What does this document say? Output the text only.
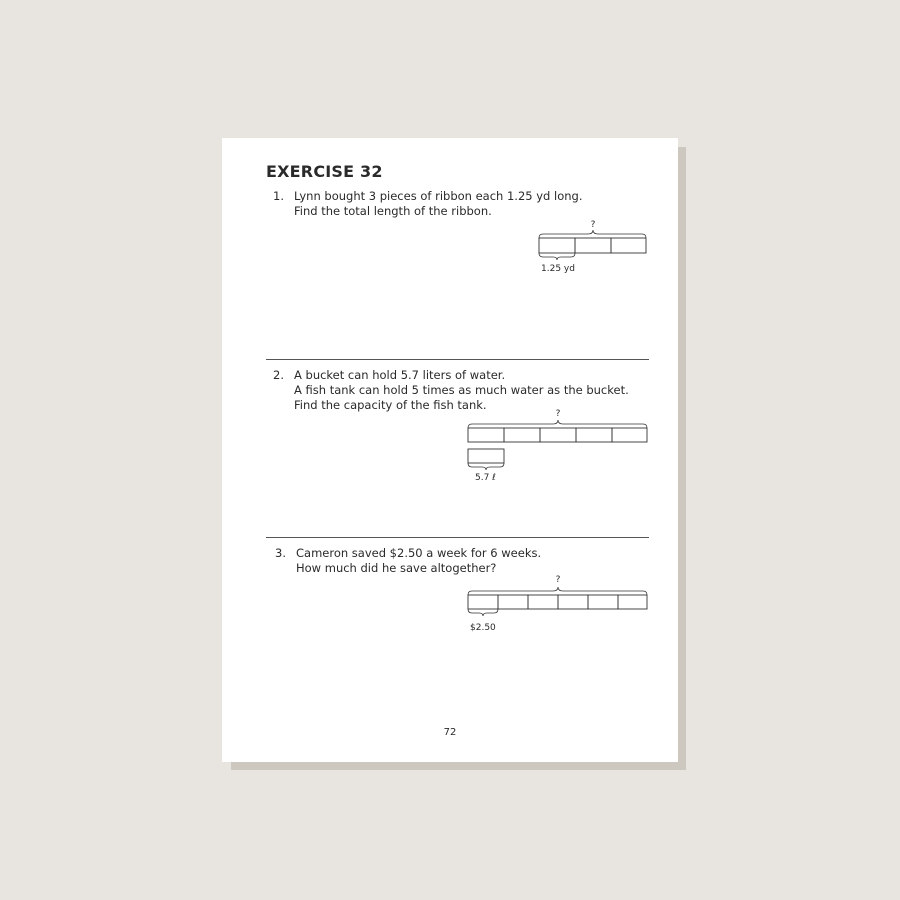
EXERCISE 32
1. Lynn bought 3 pieces of ribbon each 1.25 yd long.
Find the total length of the ribbon.
?
1.25 yd
2. A bucket can hold 5.7 liters of water.
A fish tank can hold 5 times as much water as the bucket.
Find the capacity of the fish tank.
?
5.7 ℓ
3. Cameron saved $2.50 a week for 6 weeks.
How much did he save altogether?
?
$2.50
72
